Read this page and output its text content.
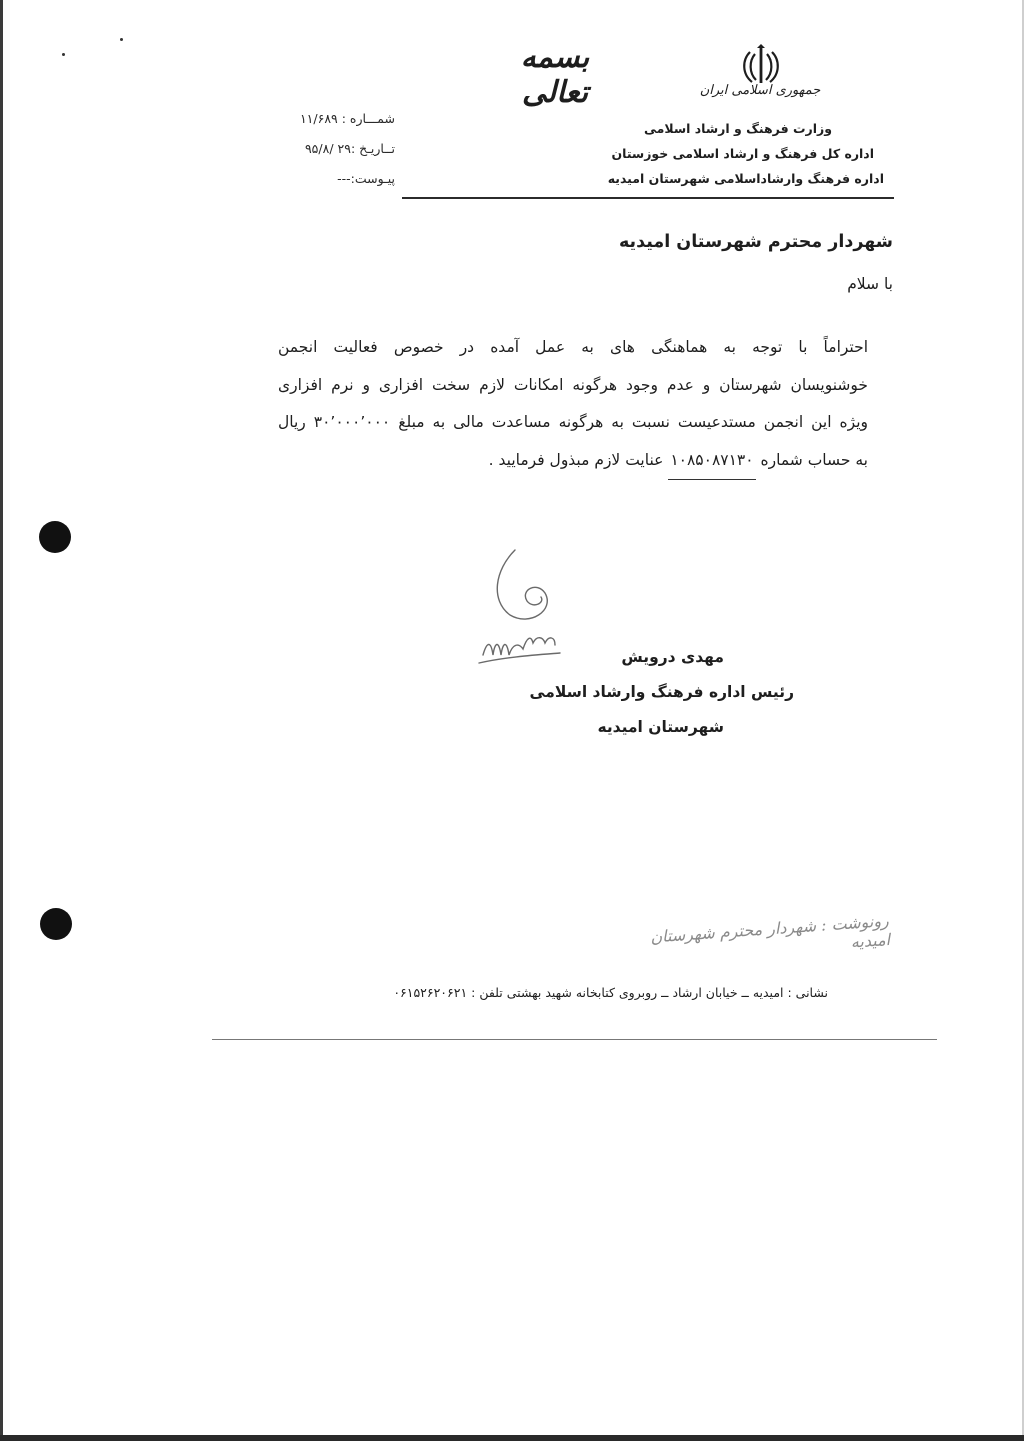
بسمه تعالی	جمهوری اسلامی ایران
وزارت فرهنگ و ارشاد اسلامی
اداره کل فرهنگ و ارشاد اسلامی خوزستان
اداره فرهنگ وارشاداسلامی شهرستان امیدیه
شمـــاره : ۱۱/۶۸۹
تــاریـخ :۲۹ /۹۵/۸
پیـوست:---
شهردار محترم شهرستان امیدیه
با سلام
احتراماً با توجه به هماهنگی های به عمل آمده در خصوص فعالیت انجمن
خوشنویسان شهرستان و عدم وجود هرگونه امکانات لازم سخت افزاری و نرم افزاری
ویژه این انجمن مستدعیست نسبت به هرگونه مساعدت مالی به مبلغ ۳۰٬۰۰۰٬۰۰۰ ریال
به حساب شماره ۱۰۸۵۰۸۷۱۳۰ عنایت لازم مبذول فرمایید .
مهدی درویش
رئیس اداره فرهنگ وارشاد اسلامی
شهرستان امیدیه
رونوشت : شهردار محترم شهرستان امیدیه
نشانی : امیدیه ــ خیابان ارشاد ــ روبروی کتابخانه شهید بهشتی تلفن : ۰۶۱۵۲۶۲۰۶۲۱
